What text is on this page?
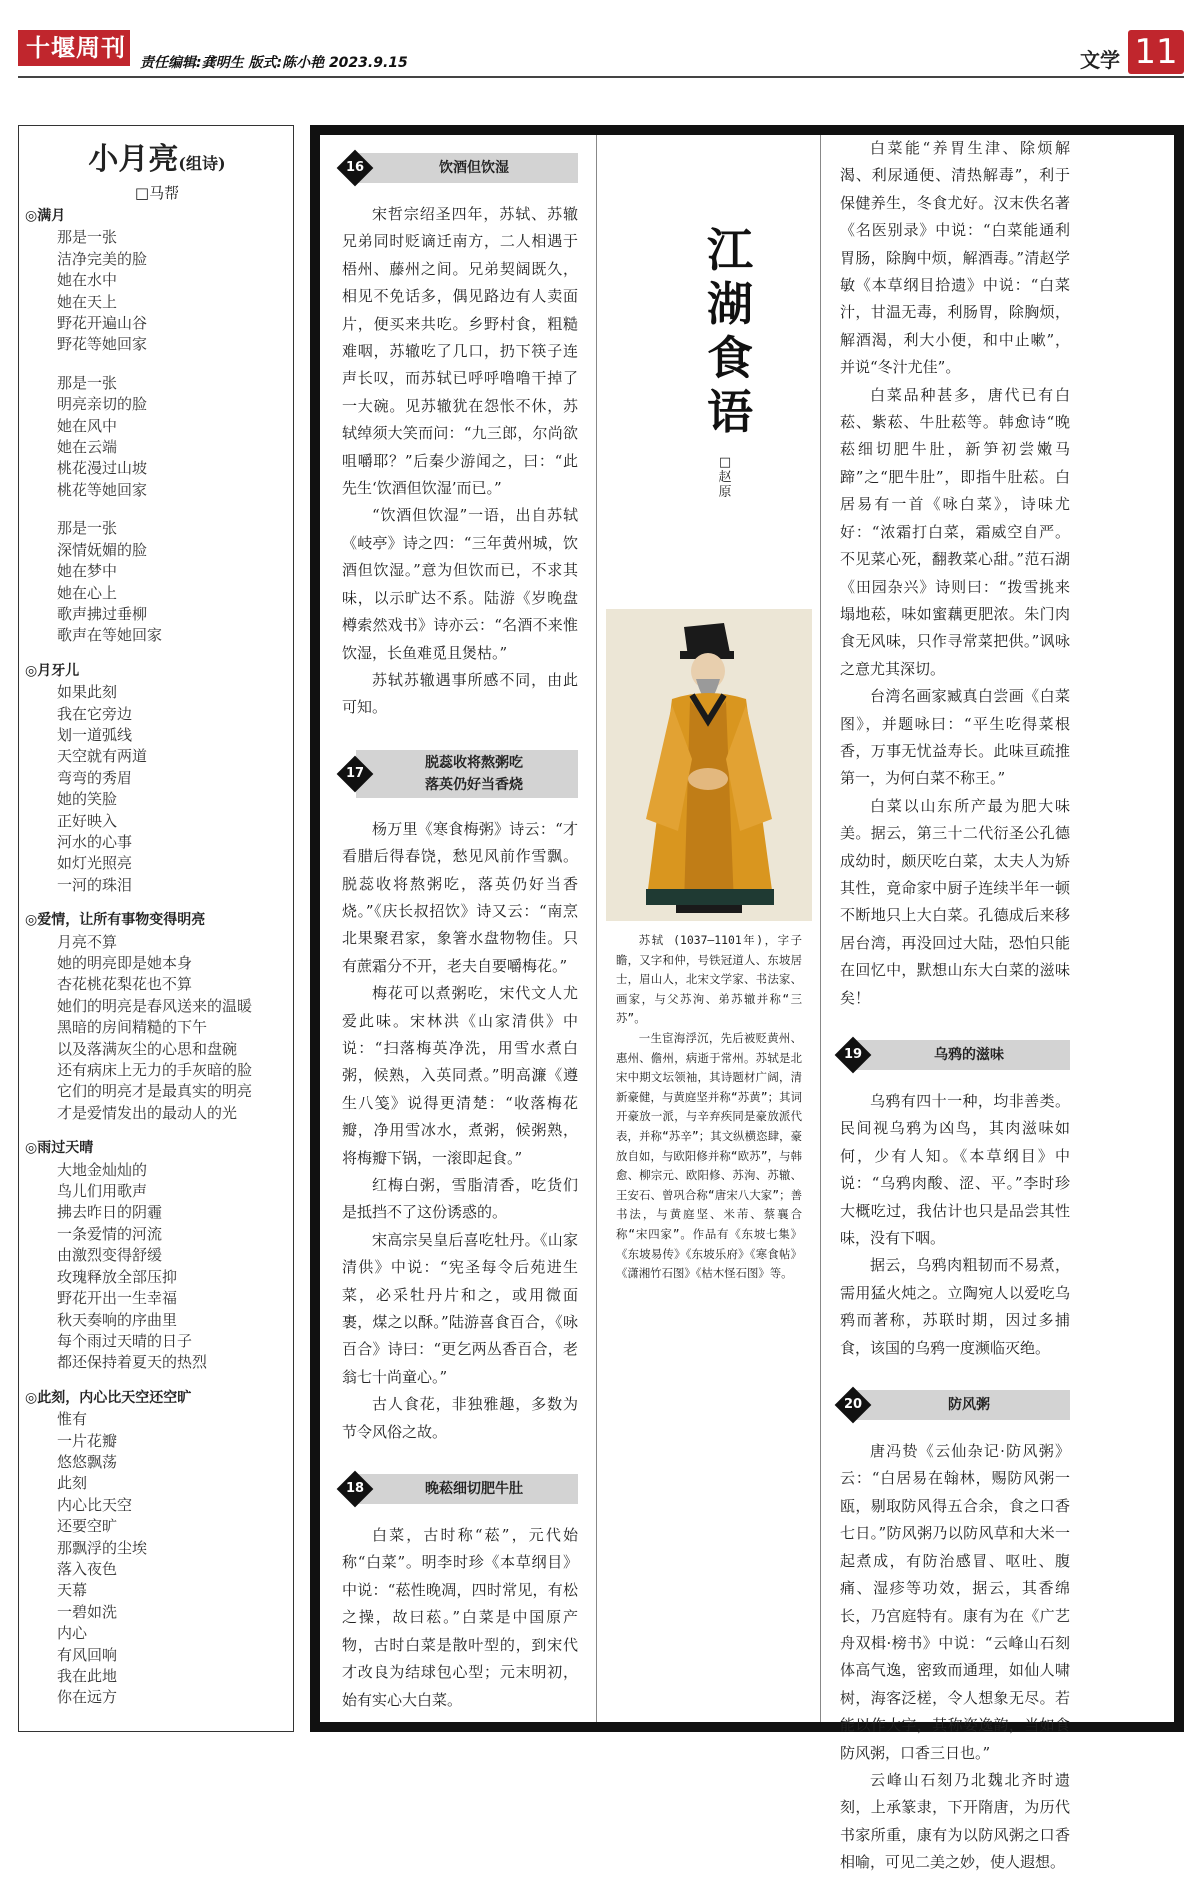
十堰周刊
责任编辑:龚明生 版式:陈小艳 2023.9.15	文学 11
小月亮(组诗)
□马帮
◎满月
那是一张
洁净完美的脸
她在水中
她在天上
野花开遍山谷
野花等她回家
那是一张
明亮亲切的脸
她在风中
她在云端
桃花漫过山坡
桃花等她回家
那是一张
深情妩媚的脸
她在梦中
她在心上
歌声拂过垂柳
歌声在等她回家
◎月牙儿
如果此刻
我在它旁边
划一道弧线
天空就有两道
弯弯的秀眉
她的笑脸
正好映入
河水的心事
如灯光照亮
一河的珠泪
◎爱情，让所有事物变得明亮
月亮不算
她的明亮即是她本身
杏花桃花梨花也不算
她们的明亮是春风送来的温暖
黑暗的房间精糙的下午
以及落满灰尘的心思和盘碗
还有病床上无力的手灰暗的脸
它们的明亮才是最真实的明亮
才是爱情发出的最动人的光
◎雨过天晴
大地金灿灿的
鸟儿们用歌声
拂去昨日的阴霾
一条爱情的河流
由激烈变得舒缓
玫瑰释放全部压抑
野花开出一生幸福
秋天奏响的序曲里
每个雨过天晴的日子
都还保持着夏天的热烈
◎此刻，内心比天空还空旷
惟有
一片花瓣
悠悠飘荡
此刻
内心比天空
还要空旷
那飘浮的尘埃
落入夜色
天幕
一碧如洗
内心
有风回响
我在此地
你在远方
16	饮酒但饮湿

宋哲宗绍圣四年，苏轼、苏辙兄弟同时贬谪迁南方，二人相遇于梧州、藤州之间。兄弟契阔既久，相见不免话多，偶见路边有人卖面片，便买来共吃。乡野村食，粗糙难咽，苏辙吃了几口，扔下筷子连声长叹，而苏轼已呼呼噜噜干掉了一大碗。见苏辙犹在怨怅不休，苏轼绰须大笑而问：“九三郎，尔尚欲咀嚼耶？”后秦少游闻之，曰：“此先生‘饮酒但饮湿’而已。”

“饮酒但饮湿”一语，出自苏轼《岐亭》诗之四：“三年黄州城，饮酒但饮湿。”意为但饮而已，不求其味，以示旷达不系。陆游《岁晚盘樽索然戏书》诗亦云：“名酒不来惟饮湿，长鱼难觅且煲枯。”

苏轼苏辙遇事所感不同，由此可知。

17
脱蕊收将熬粥吃
落英仍好当香烧

杨万里《寒食梅粥》诗云：“才看腊后得春饶，愁见风前作雪飘。脱蕊收将熬粥吃，落英仍好当香烧。”《庆长叔招饮》诗又云：“南烹北果聚君家，象箸水盘物物佳。只有蔗霜分不开，老夫自要嚼梅花。”

梅花可以煮粥吃，宋代文人尤爱此味。宋林洪《山家清供》中说：“扫落梅英净洗，用雪水煮白粥，候熟，入英同煮。”明高濂《遵生八笺》说得更清楚：“收落梅花瓣，净用雪冰水，煮粥，候粥熟，将梅瓣下锅，一滚即起食。”

红梅白粥，雪脂清香，吃货们是抵挡不了这份诱惑的。

宋高宗吴皇后喜吃牡丹。《山家清供》中说：“宪圣每令后苑进生菜，必采牡丹片和之，或用微面裹，煤之以酥。”陆游喜食百合，《咏百合》诗曰：“更乞两丛香百合，老翁七十尚童心。”

古人食花，非独雅趣，多数为节令风俗之故。

18	晚菘细切肥牛肚

白菜，古时称“菘”，元代始称“白菜”。明李时珍《本草纲目》中说：“菘性晚凋，四时常见，有松之操，故曰菘。”白菜是中国原产物，古时白菜是散叶型的，到宋代才改良为结球包心型；元末明初，始有实心大白菜。

江湖食语
□赵原

苏轼 (1037—1101年)，字子瞻，又字和仲，号铁冠道人、东坡居士，眉山人，北宋文学家、书法家、画家，与父苏洵、弟苏辙并称“三苏”。

一生宦海浮沉，先后被贬黄州、惠州、儋州，病逝于常州。苏轼是北宋中期文坛领袖，其诗题材广阔，清新豪健，与黄庭坚并称“苏黄”；其词开豪放一派，与辛弃疾同是豪放派代表，并称“苏辛”；其文纵横恣肆，豪放自如，与欧阳修并称“欧苏”，与韩愈、柳宗元、欧阳修、苏洵、苏辙、王安石、曾巩合称“唐宋八大家”；善书法，与黄庭坚、米芾、蔡襄合称“宋四家”。作品有《东坡七集》《东坡易传》《东坡乐府》《寒食帖》《潇湘竹石图》《枯木怪石图》等。

白菜能“养胃生津、除烦解渴、利尿通便、清热解毒”，利于保健养生，冬食尤好。汉末佚名著《名医别录》中说：“白菜能通利胃肠，除胸中烦，解酒毒。”清赵学敏《本草纲目拾遗》中说：“白菜汁，甘温无毒，利肠胃，除胸烦，解酒渴，利大小便，和中止嗽”，并说“冬汁尤佳”。

白菜品种甚多，唐代已有白菘、紫菘、牛肚菘等。韩愈诗“晚菘细切肥牛肚，新笋初尝嫩马蹄”之“肥牛肚”，即指牛肚菘。白居易有一首《咏白菜》，诗味尤好：“浓霜打白菜，霜威空自严。不见菜心死，翻教菜心甜。”范石湖《田园杂兴》诗则曰：“拨雪挑来塌地菘，味如蜜藕更肥浓。朱门肉食无风味，只作寻常菜把供。”讽咏之意尤其深切。

台湾名画家臧真白尝画《白菜图》，并题咏曰：“平生吃得菜根香，万事无忧益寿长。此味亘疏推第一，为何白菜不称王。”

白菜以山东所产最为肥大味美。据云，第三十二代衍圣公孔德成幼时，颇厌吃白菜，太夫人为矫其性，竟命家中厨子连续半年一顿不断地只上大白菜。孔德成后来移居台湾，再没回过大陆，恐怕只能在回忆中，默想山东大白菜的滋味矣！

19	乌鸦的滋味

乌鸦有四十一种，均非善类。民间视乌鸦为凶鸟，其肉滋味如何，少有人知。《本草纲目》中说：“乌鸦肉酸、涩、平。”李时珍大概吃过，我估计也只是品尝其性味，没有下咽。

据云，乌鸦肉粗韧而不易煮，需用猛火炖之。立陶宛人以爱吃乌鸦而著称，苏联时期，因过多捕食，该国的乌鸦一度濒临灭绝。

20	防风粥

唐冯贽《云仙杂记·防风粥》云：“白居易在翰林，赐防风粥一瓯，剔取防风得五合余，食之口香七日。”防风粥乃以防风草和大米一起煮成，有防治感冒、呕吐、腹痛、湿疹等功效，据云，其香绵长，乃宫庭特有。康有为在《广艺舟双楫·榜书》中说：“云峰山石刻体高气逸，密致而通理，如仙人啸树，海客泛槎，令人想象无尽。若能以作大字，其称姿逸韵，当如食防风粥，口香三日也。”

云峰山石刻乃北魏北齐时遗刻，上承篆隶，下开隋唐，为历代书家所重，康有为以防风粥之口香相喻，可见二美之妙，使人遐想。
